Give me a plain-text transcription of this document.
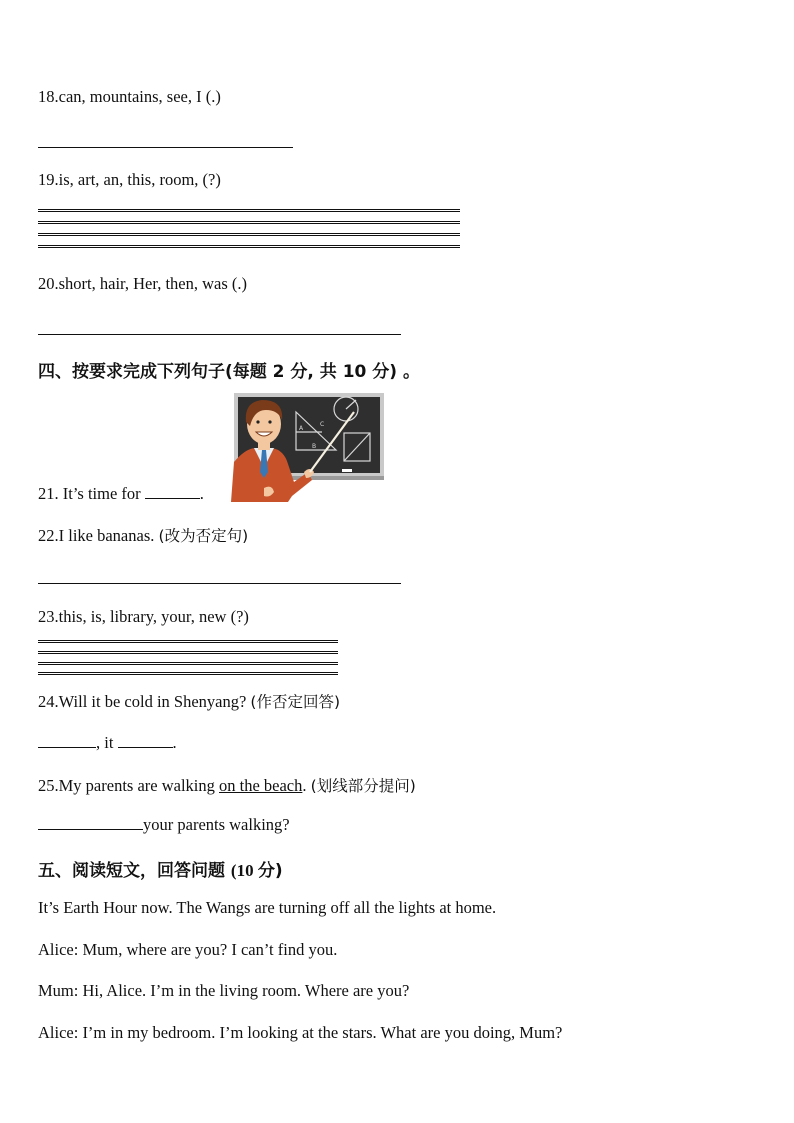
18.can, mountains, see, I (.)
19.is, art, an, this, room, (?)
20.short, hair, Her, then, was (.)
四、按要求完成下列句子(每题 2 分, 共 10 分) 。
A
C
B
21. It’s time for	.
22.I like bananas. (改为否定句)
23.this, is, library, your, new (?)
24.Will it be cold in Shenyang? (作否定回答)
, it	.
25.My parents are walking on the beach. (划线部分提问)
your parents walking?
五、阅读短文，回答问题 (10 分)
It’s Earth Hour now. The Wangs are turning off all the lights at home.
Alice: Mum, where are you? I can’t find you.
Mum: Hi, Alice. I’m in the living room. Where are you?
Alice: I’m in my bedroom. I’m looking at the stars. What are you doing, Mum?
